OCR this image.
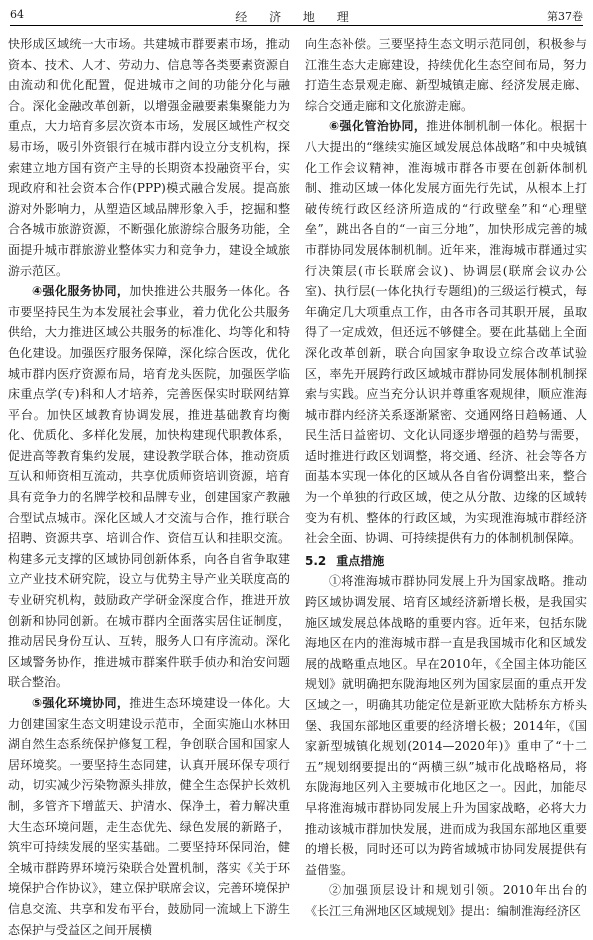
64	经 济 地 理	第37卷

快形成区域统一大市场。共建城市群要素市场，推动资本、技术、人才、劳动力、信息等各类要素资源自由流动和优化配置，促进城市之间的功能分化与融合。深化金融改革创新，以增强金融要素集聚能力为重点，大力培育多层次资本市场，发展区域性产权交易市场，吸引外资银行在城市群内设立分支机构，探索建立地方国有资产主导的长期资本投融资平台，实现政府和社会资本合作(PPP)模式融合发展。提高旅游对外影响力，从塑造区域品牌形象入手，挖掘和整合各城市旅游资源，不断强化旅游综合服务功能，全面提升城市群旅游业整体实力和竞争力，建设全域旅游示范区。

④强化服务协同，加快推进公共服务一体化。各市要坚持民生为本发展社会事业，着力优化公共服务供给，大力推进区域公共服务的标准化、均等化和特色化建设。加强医疗服务保障，深化综合医改，优化城市群内医疗资源布局，培育龙头医院，加强医学临床重点学(专)科和人才培养，完善医保实时联网结算平台。加快区域教育协调发展，推进基础教育均衡化、优质化、多样化发展，加快构建现代职教体系，促进高等教育集约发展，建设教学联合体，推动资质互认和师资相互流动，共享优质师资培训资源，培育具有竞争力的名牌学校和品牌专业，创建国家产教融合型试点城市。深化区域人才交流与合作，推行联合招聘、资源共享、培训合作、资信互认和挂职交流。构建多元支撑的区域协同创新体系，向各自省争取建立产业技术研究院，设立与优势主导产业关联度高的专业研究机构，鼓励政产学研金深度合作，推进开放创新和协同创新。在城市群内全面落实居住证制度，推动居民身份互认、互转，服务人口有序流动。深化区域警务协作，推进城市群案件联手侦办和治安问题联合整治。

⑤强化环境协同，推进生态环境建设一体化。大力创建国家生态文明建设示范市，全面实施山水林田湖自然生态系统保护修复工程，争创联合国和国家人居环境奖。一要坚持生态同建，认真开展环保专项行动，切实减少污染物源头排放，健全生态保护长效机制，多管齐下增蓝天、护清水、保净土，着力解决重大生态环境问题，走生态优先、绿色发展的新路子，筑牢可持续发展的坚实基础。二要坚持环保同治，健全城市群跨界环境污染联合处置机制，落实《关于环境保护合作协议》，建立保护联席会议，完善环境保护信息交流、共享和发布平台，鼓励同一流域上下游生态保护与受益区之间开展横

向生态补偿。三要坚持生态文明示范同创，积极参与江淮生态大走廊建设，持续优化生态空间布局，努力打造生态景观走廊、新型城镇走廊、经济发展走廊、综合交通走廊和文化旅游走廊。

⑥强化管治协同，推进体制机制一体化。根据十八大提出的“继续实施区域发展总体战略”和中央城镇化工作会议精神，淮海城市群各市要在创新体制机制、推动区域一体化发展方面先行先试，从根本上打破传统行政区经济所造成的“行政壁垒”和“心理壁垒”，跳出各自的“一亩三分地”，加快形成完善的城市群协同发展体制机制。近年来，淮海城市群通过实行决策层(市长联席会议)、协调层(联席会议办公室)、执行层(一体化执行专题组)的三级运行模式，每年确定几大项重点工作，由各市各司其职开展，虽取得了一定成效，但还远不够健全。要在此基础上全面深化改革创新，联合向国家争取设立综合改革试验区，率先开展跨行政区域城市群协同发展体制机制探索与实践。应当充分认识并尊重客观规律，顺应淮海城市群内经济关系逐渐紧密、交通网络日趋畅通、人民生活日益密切、文化认同逐步增强的趋势与需要，适时推进行政区划调整，将交通、经济、社会等各方面基本实现一体化的区域从各自省份调整出来，整合为一个单独的行政区域，使之从分散、边缘的区域转变为有机、整体的行政区域，为实现淮海城市群经济社会全面、协调、可持续提供有力的体制机制保障。

5.2 重点措施

①将淮海城市群协同发展上升为国家战略。推动跨区域协调发展、培育区域经济新增长极，是我国实施区域发展总体战略的重要内容。近年来，包括东陇海地区在内的淮海城市群一直是我国城市化和区域发展的战略重点地区。早在2010年，《全国主体功能区规划》就明确把东陇海地区列为国家层面的重点开发区域之一，明确其功能定位是新亚欧大陆桥东方桥头堡、我国东部地区重要的经济增长极；2014年，《国家新型城镇化规划(2014—2020年)》重申了“十二五”规划纲要提出的“两横三纵”城市化战略格局，将东陇海地区列入主要城市化地区之一。因此，加能尽早将淮海城市群协同发展上升为国家战略，必将大力推动该城市群加快发展，进而成为我国东部地区重要的增长极，同时还可以为跨省域城市协同发展提供有益借鉴。

②加强顶层设计和规划引领。2010年出台的《长江三角洲地区区域规划》提出：编制淮海经济区
